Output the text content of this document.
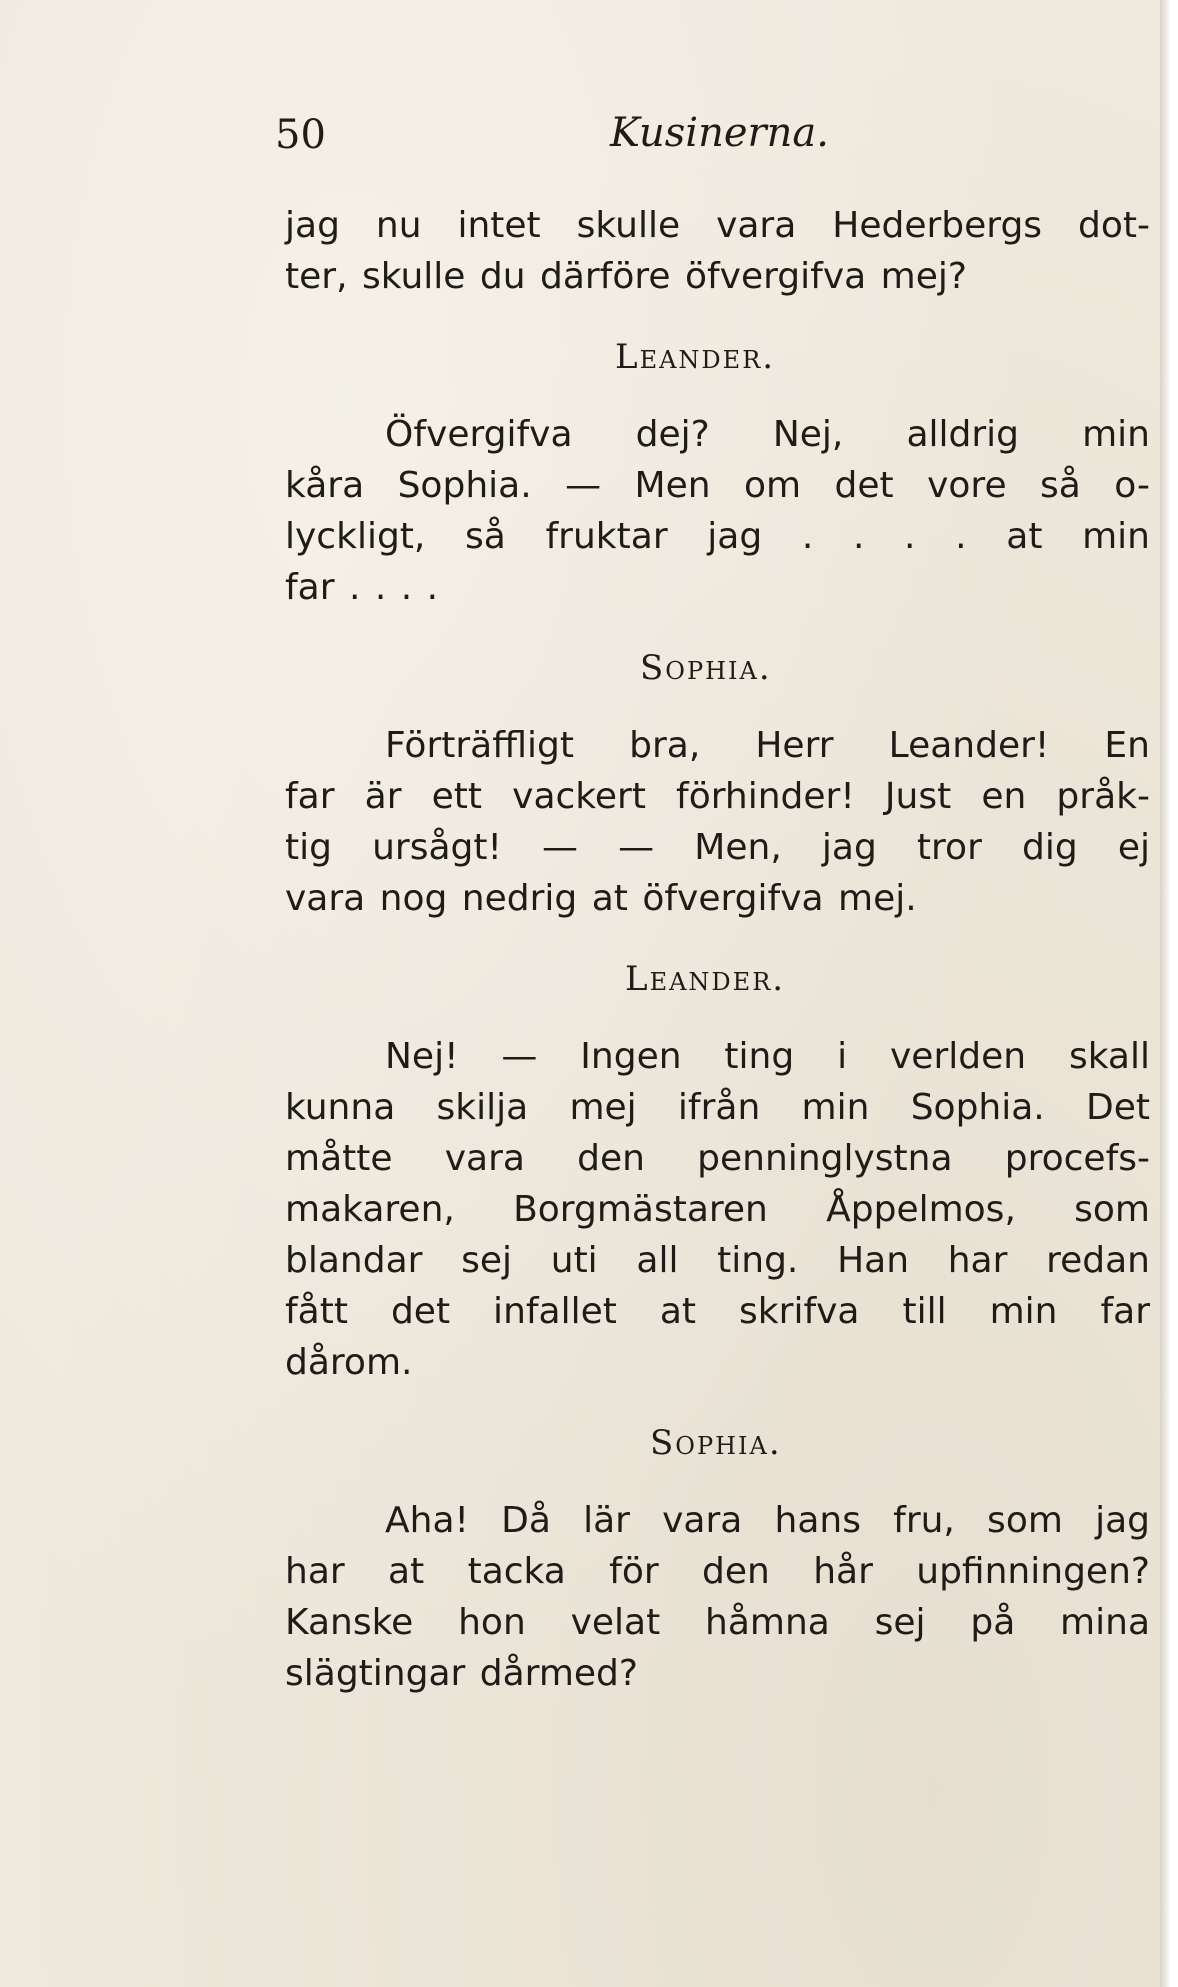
50	Kusinerna.
jag nu intet skulle vara Hederbergs dot-
ter, skulle du därföre öfvergifva mej?
Leander.
Öfvergifva dej? Nej, alldrig min
kåra Sophia. — Men om det vore så o-
lyckligt, så fruktar jag . . . . at min
far . . . .
Sophia.
Förträffligt bra, Herr Leander! En
far är ett vackert förhinder! Just en pråk-
tig ursågt! — — Men, jag tror dig ej
vara nog nedrig at öfvergifva mej.
Leander.
Nej! — Ingen ting i verlden skall
kunna skilja mej ifrån min Sophia. Det
måtte vara den penninglystna procefs-
makaren, Borgmästaren Åppelmos, som
blandar sej uti all ting. Han har redan
fått det infallet at skrifva till min far
dårom.
Sophia.
Aha! Då lär vara hans fru, som jag
har at tacka för den hår upfinningen?
Kanske hon velat håmna sej på mina
slägtingar dårmed?
